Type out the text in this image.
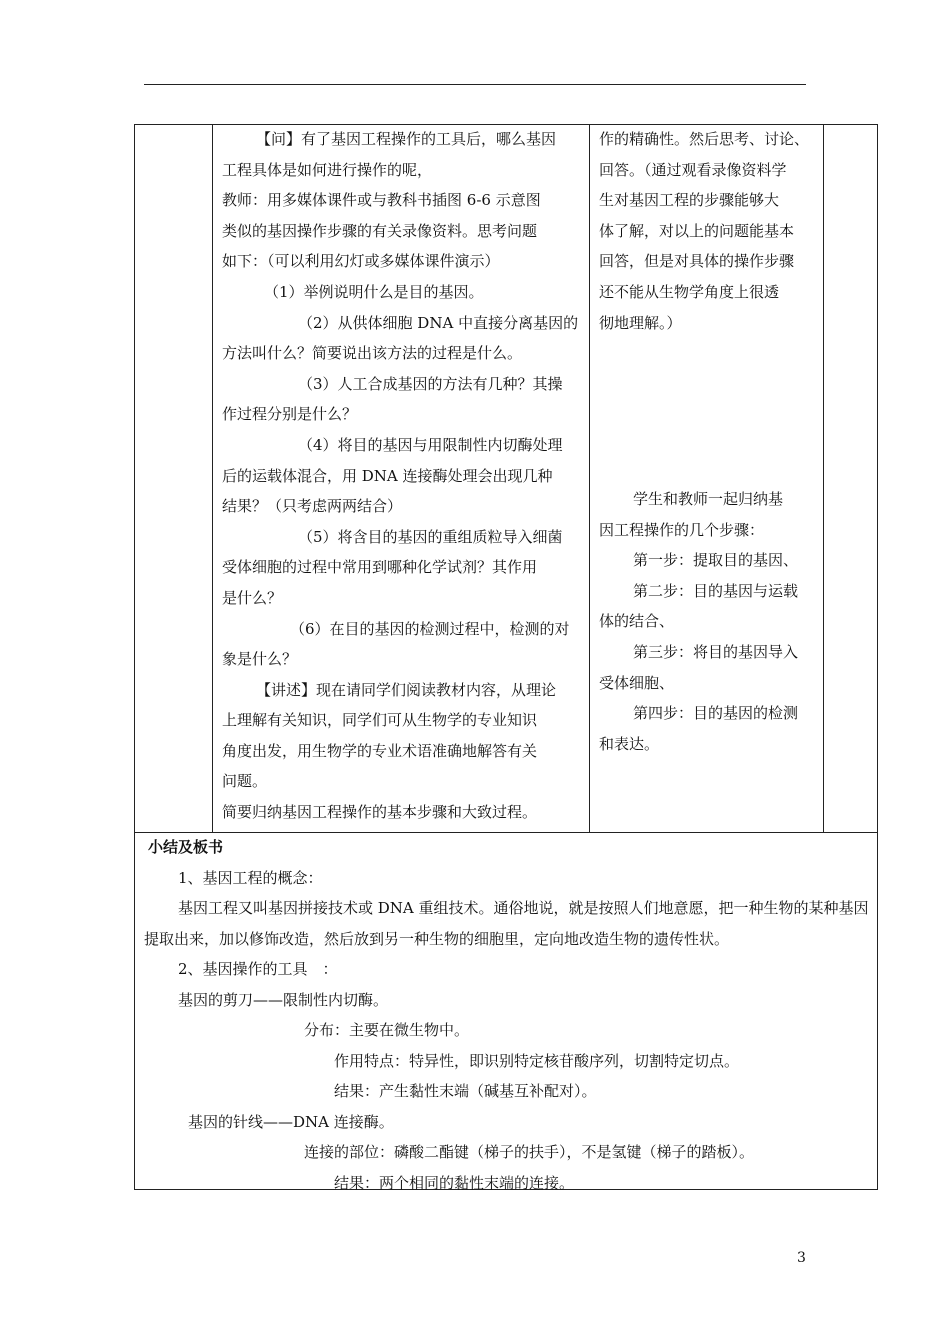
【问】有了基因工程操作的工具后，哪么基因
工程具体是如何进行操作的呢，
教师：用多媒体课件或与教科书插图 6-6 示意图
类似的基因操作步骤的有关录像资料。思考问题
如下：（可以利用幻灯或多媒体课件演示）
（1）举例说明什么是目的基因。
（2）从供体细胞 DNA 中直接分离基因的
方法叫什么？简要说出该方法的过程是什么。
（3）人工合成基因的方法有几种？其操
作过程分别是什么？
（4）将目的基因与用限制性内切酶处理
后的运载体混合，用 DNA 连接酶处理会出现几种
结果？（只考虑两两结合）
（5）将含目的基因的重组质粒导入细菌
受体细胞的过程中常用到哪种化学试剂？其作用
是什么？
（6）在目的基因的检测过程中，检测的对
象是什么？
【讲述】现在请同学们阅读教材内容，从理论
上理解有关知识，同学们可从生物学的专业知识
角度出发，用生物学的专业术语准确地解答有关
问题。
简要归纳基因工程操作的基本步骤和大致过程。
作的精确性。然后思考、讨论、
回答。（通过观看录像资料学
生对基因工程的步骤能够大
体了解，对以上的问题能基本
回答，但是对具体的操作步骤
还不能从生物学角度上很透
彻地理解。）
学生和教师一起归纳基
因工程操作的几个步骤：
第一步：提取目的基因、
第二步：目的基因与运载
体的结合、
第三步：将目的基因导入
受体细胞、
第四步：目的基因的检测
和表达。
小结及板书
1、基因工程的概念：
基因工程又叫基因拼接技术或 DNA 重组技术。通俗地说，就是按照人们地意愿，把一种生物的某种基因提取出来，加以修饰改造，然后放到另一种生物的细胞里，定向地改造生物的遗传性状。
2、基因操作的工具　：
基因的剪刀——限制性内切酶。
分布：主要在微生物中。
作用特点：特异性，即识别特定核苷酸序列，切割特定切点。
结果：产生黏性末端（碱基互补配对）。
基因的针线——DNA 连接酶。
连接的部位：磷酸二酯键（梯子的扶手），不是氢键（梯子的踏板）。
结果：两个相同的黏性末端的连接。
3
